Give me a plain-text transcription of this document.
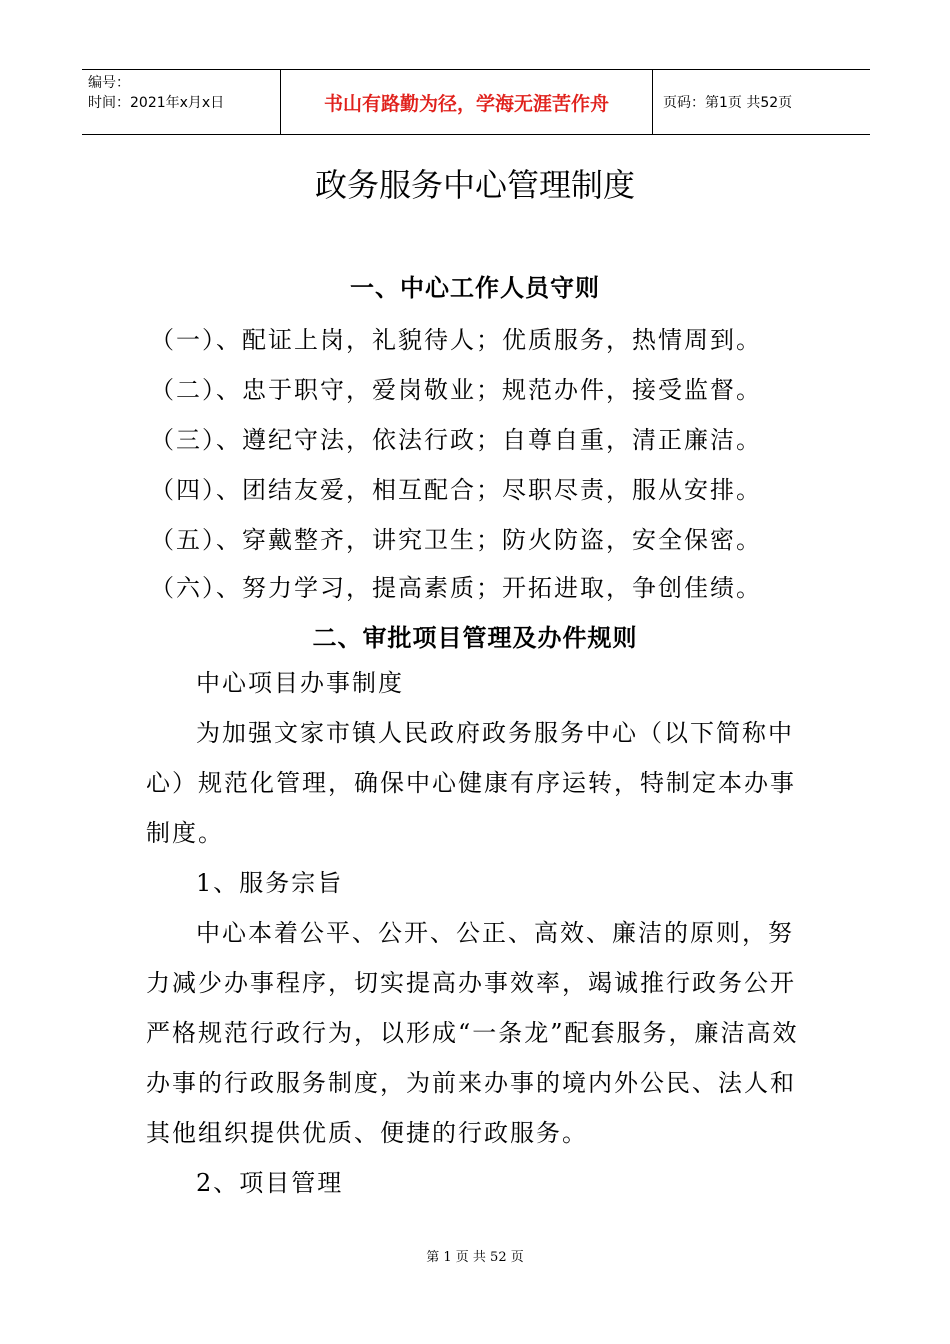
编号：
时间：2021年x月x日	书山有路勤为径，学海无涯苦作舟	页码：第1页 共52页
政务服务中心管理制度
一、中心工作人员守则
（一）、配证上岗，礼貌待人；优质服务，热情周到。
（二）、忠于职守，爱岗敬业；规范办件，接受监督。
（三）、遵纪守法，依法行政；自尊自重，清正廉洁。
（四）、团结友爱，相互配合；尽职尽责，服从安排。
（五）、穿戴整齐，讲究卫生；防火防盗，安全保密。
（六）、努力学习，提高素质；开拓进取，争创佳绩。
二、审批项目管理及办件规则
中心项目办事制度
为加强文家市镇人民政府政务服务中心（以下简称中心）规范化管理，确保中心健康有序运转，特制定本办事制度。
1、服务宗旨
中心本着公平、公开、公正、高效、廉洁的原则，努力减少办事程序，切实提高办事效率，竭诚推行政务公开严格规范行政行为，以形成“一条龙”配套服务，廉洁高效办事的行政服务制度，为前来办事的境内外公民、法人和其他组织提供优质、便捷的行政服务。
2、项目管理
第 1 页 共 52 页
